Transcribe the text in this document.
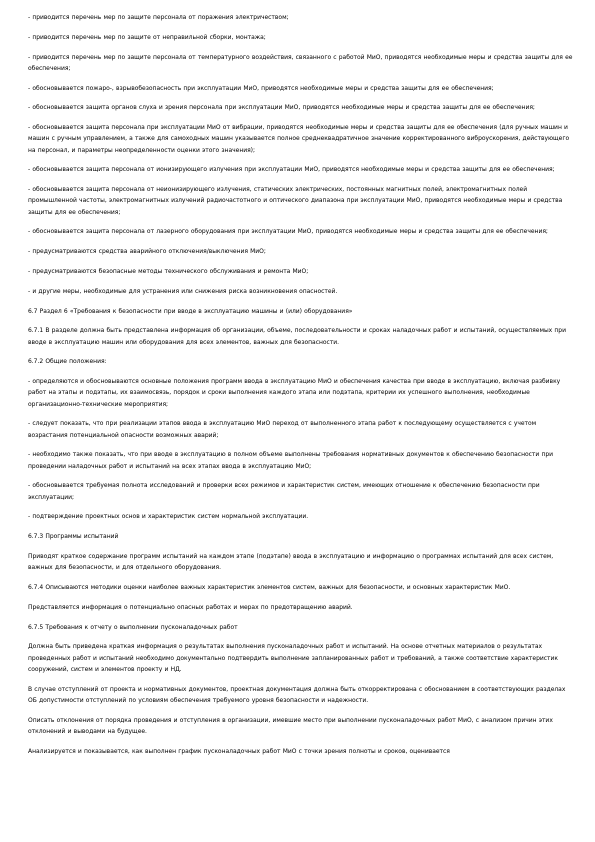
- приводится перечень мер по защите персонала от поражения электричеством;

- приводится перечень мер по защите от неправильной сборки, монтажа;

- приводится перечень мер по защите персонала от температурного воздействия, связанного с работой МиО, приводятся необходимые меры и средства защиты для ее обеспечения;

- обосновывается пожаро-, взрывобезопасность при эксплуатации МиО, приводятся необходимые меры и средства защиты для ее обеспечения;

- обосновывается защита органов слуха и зрения персонала при эксплуатации МиО, приводятся необходимые меры и средства защиты для ее обеспечения;

- обосновывается защита персонала при эксплуатации МиО от вибрации, приводятся необходимые меры и средства защиты для ее обеспечения (для ручных машин и машин с ручным управлением, а также для самоходных машин указывается полное среднеквадратичное значение корректированного виброускорения, действующего на персонал, и параметры неопределенности оценки этого значения);

- обосновывается защита персонала от ионизирующего излучения при эксплуатации МиО, приводятся необходимые меры и средства защиты для ее обеспечения;

- обосновывается защита персонала от неионизирующего излучения, статических электрических, постоянных магнитных полей, электромагнитных полей промышленной частоты, электромагнитных излучений радиочастотного и оптического диапазона при эксплуатации МиО, приводятся необходимые меры и средства защиты для ее обеспечения;

- обосновывается защита персонала от лазерного оборудования при эксплуатации МиО, приводятся необходимые меры и средства защиты для ее обеспечения;

- предусматриваются средства аварийного отключения/выключения МиО;

- предусматриваются безопасные методы технического обслуживания и ремонта МиО;

- и другие меры, необходимые для устранения или снижения риска возникновения опасностей.

6.7 Раздел 6 «Требования к безопасности при вводе в эксплуатацию машины и (или) оборудования»

6.7.1 В разделе должна быть представлена информация об организации, объеме, последовательности и сроках наладочных работ и испытаний, осуществляемых при вводе в эксплуатацию машин или оборудования для всех элементов, важных для безопасности.

6.7.2 Общие положения:

- определяются и обосновываются основные положения программ ввода в эксплуатацию МиО и обеспечения качества при вводе в эксплуатацию, включая разбивку работ на этапы и подэтапы, их взаимосвязь, порядок и сроки выполнения каждого этапа или подэтапа, критерии их успешного выполнения, необходимые организационно-технические мероприятия;

- следует показать, что при реализации этапов ввода в эксплуатацию МиО переход от выполненного этапа работ к последующему осуществляется с учетом возрастания потенциальной опасности возможных аварий;

- необходимо также показать, что при вводе в эксплуатацию в полном объеме выполнены требования нормативных документов к обеспечению безопасности при проведении наладочных работ и испытаний на всех этапах ввода в эксплуатацию МиО;

- обосновывается требуемая полнота исследований и проверки всех режимов и характеристик систем, имеющих отношение к обеспечению безопасности при эксплуатации;

- подтверждение проектных основ и характеристик систем нормальной эксплуатации.

6.7.3 Программы испытаний

Приводят краткое содержание программ испытаний на каждом этапе (подэтапе) ввода в эксплуатацию и информацию о программах испытаний для всех систем, важных для безопасности, и для отдельного оборудования.

6.7.4 Описываются методики оценки наиболее важных характеристик элементов систем, важных для безопасности, и основных характеристик МиО.

Представляется информация о потенциально опасных работах и мерах по предотвращению аварий.

6.7.5 Требования к отчету о выполнении пусконаладочных работ

Должна быть приведена краткая информация о результатах выполнения пусконаладочных работ и испытаний. На основе отчетных материалов о результатах проведенных работ и испытаний необходимо документально подтвердить выполнение запланированных работ и требований, а также соответствие характеристик сооружений, систем и элементов проекту и НД.

В случае отступлений от проекта и нормативных документов, проектная документация должна быть откорректирована с обоснованием в соответствующих разделах ОБ допустимости отступлений по условиям обеспечения требуемого уровня безопасности и надежности.

Описать отклонения от порядка проведения и отступления в организации, имевшие место при выполнении пусконаладочных работ МиО, с анализом причин этих отклонений и выводами на будущее.

Анализируется и показывается, как выполнен график пусконаладочных работ МиО с точки зрения полноты и сроков, оценивается
